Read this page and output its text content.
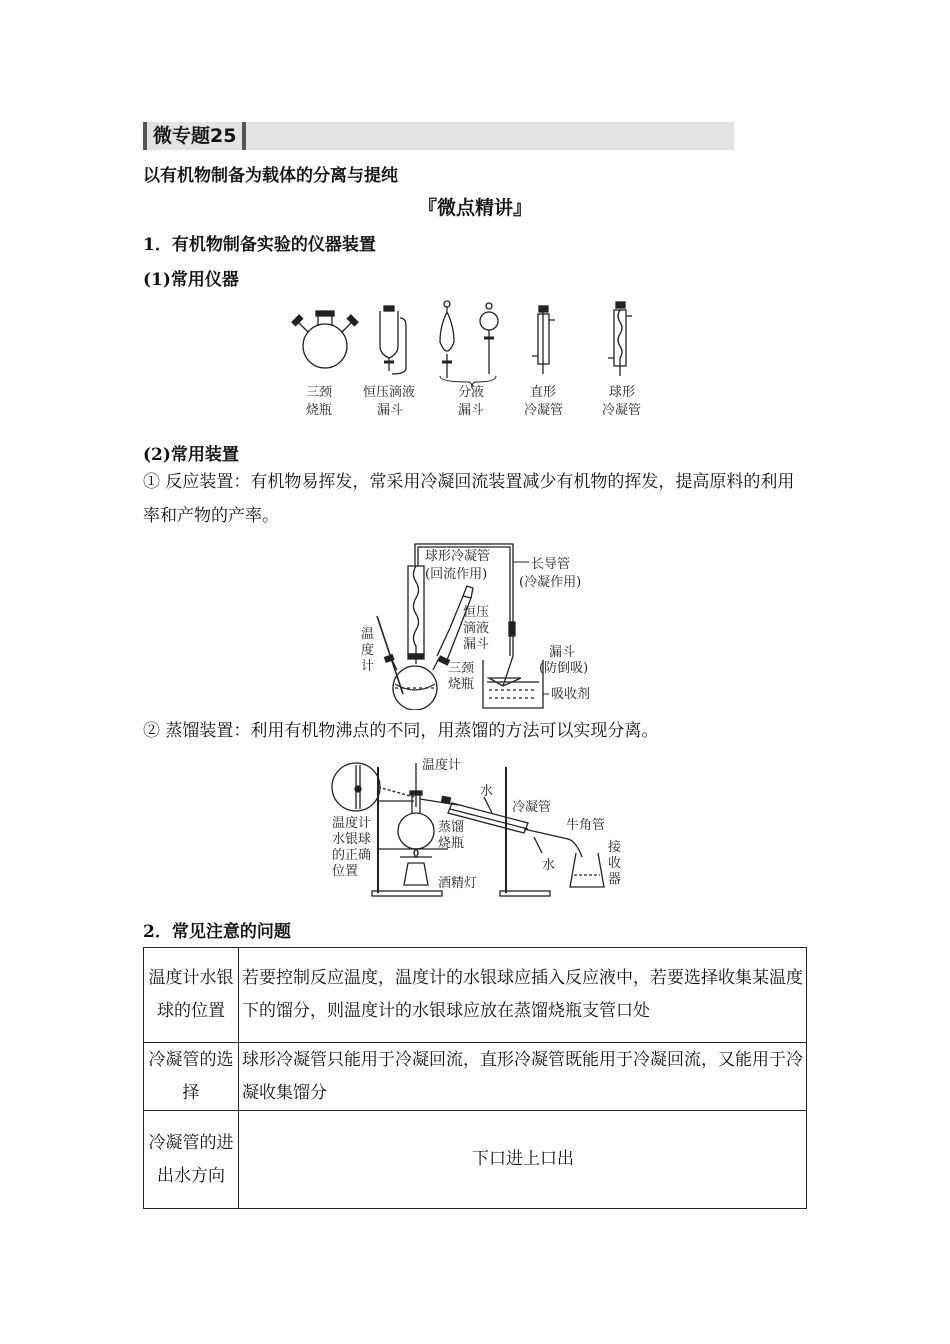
微专题25
以有机物制备为载体的分离与提纯
『微点精讲』
1．有机物制备实验的仪器装置
(1)常用仪器
三颈
烧瓶
恒压滴液
漏斗
分液
漏斗
直形
冷凝管
球形
冷凝管
(2)常用装置
① 反应装置：有机物易挥发，常采用冷凝回流装置减少有机物的挥发，提高原料的利用率和产物的产率。
球形冷凝管
(回流作用)
长导管
(冷凝作用)
恒压
滴液
漏斗
温
度
计	三颈
烧瓶
漏斗
(防倒吸)
吸收剂
② 蒸馏装置：利用有机物沸点的不同，用蒸馏的方法可以实现分离。
温度计
水
冷凝管
牛角管
温度计
水银球
的正确
位置
蒸馏
烧瓶
水
接
收
器
酒精灯
2．常见注意的问题
温度计水银球的位置	若要控制反应温度，温度计的水银球应插入反应液中，若要选择收集某温度下的馏分，则温度计的水银球应放在蒸馏烧瓶支管口处
冷凝管的选择	球形冷凝管只能用于冷凝回流，直形冷凝管既能用于冷凝回流，又能用于冷凝收集馏分
冷凝管的进出水方向	下口进上口出
